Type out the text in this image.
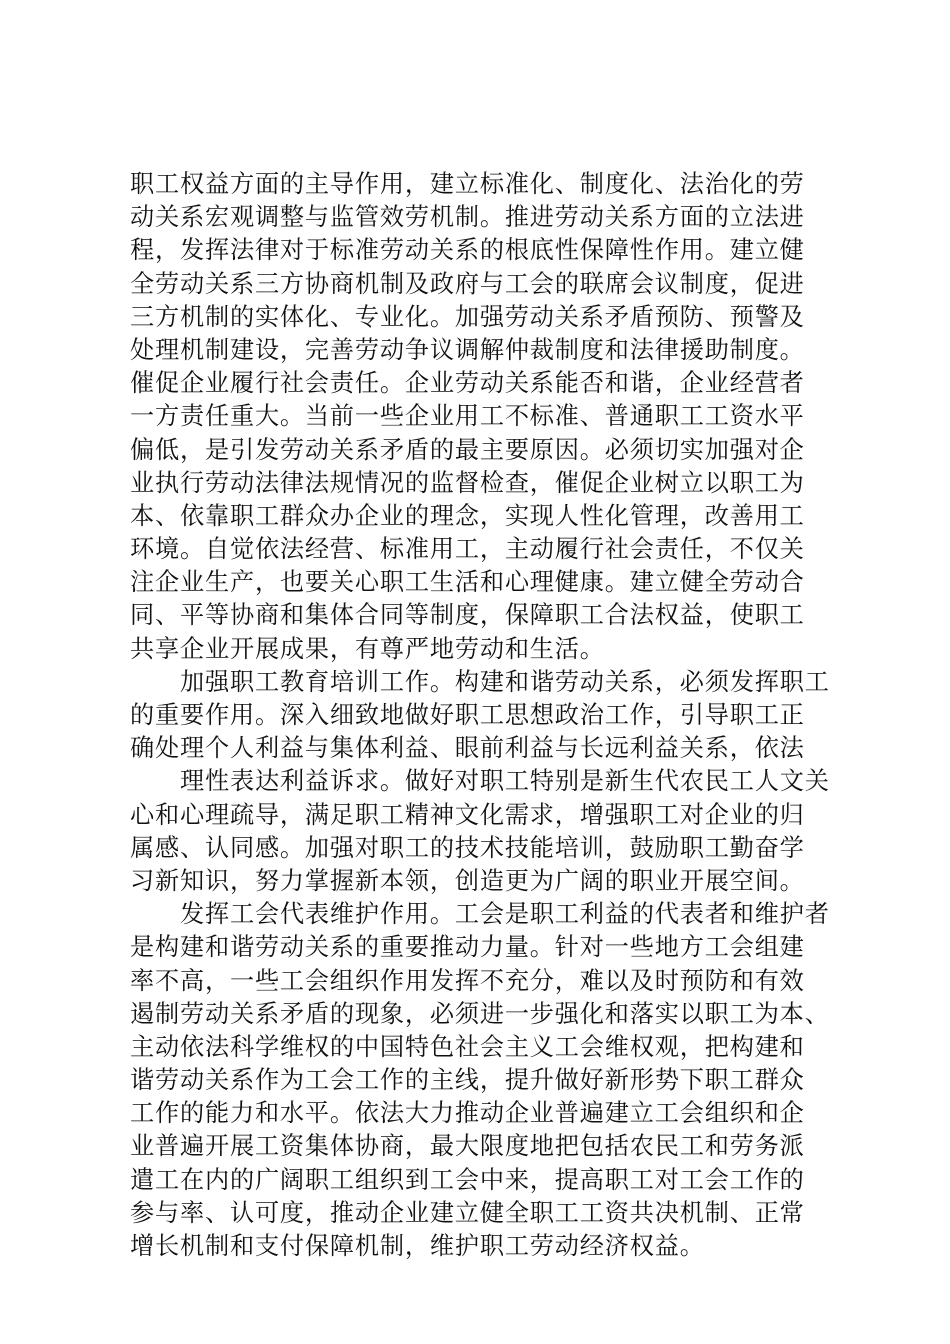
职工权益方面的主导作用，建立标准化、制度化、法治化的劳
动关系宏观调整与监管效劳机制。推进劳动关系方面的立法进
程，发挥法律对于标准劳动关系的根底性保障性作用。建立健
全劳动关系三方协商机制及政府与工会的联席会议制度，促进
三方机制的实体化、专业化。加强劳动关系矛盾预防、预警及
处理机制建设，完善劳动争议调解仲裁制度和法律援助制度。
催促企业履行社会责任。企业劳动关系能否和谐，企业经营者
一方责任重大。当前一些企业用工不标准、普通职工工资水平
偏低，是引发劳动关系矛盾的最主要原因。必须切实加强对企
业执行劳动法律法规情况的监督检查，催促企业树立以职工为
本、依靠职工群众办企业的理念，实现人性化管理，改善用工
环境。自觉依法经营、标准用工，主动履行社会责任，不仅关
注企业生产，也要关心职工生活和心理健康。建立健全劳动合
同、平等协商和集体合同等制度，保障职工合法权益，使职工
共享企业开展成果，有尊严地劳动和生活。
加强职工教育培训工作。构建和谐劳动关系，必须发挥职工
的重要作用。深入细致地做好职工思想政治工作，引导职工正
确处理个人利益与集体利益、眼前利益与长远利益关系，依法
理性表达利益诉求。做好对职工特别是新生代农民工人文关
心和心理疏导，满足职工精神文化需求，增强职工对企业的归
属感、认同感。加强对职工的技术技能培训，鼓励职工勤奋学
习新知识，努力掌握新本领，创造更为广阔的职业开展空间。
发挥工会代表维护作用。工会是职工利益的代表者和维护者
是构建和谐劳动关系的重要推动力量。针对一些地方工会组建
率不高，一些工会组织作用发挥不充分，难以及时预防和有效
遏制劳动关系矛盾的现象，必须进一步强化和落实以职工为本、
主动依法科学维权的中国特色社会主义工会维权观，把构建和
谐劳动关系作为工会工作的主线，提升做好新形势下职工群众
工作的能力和水平。依法大力推动企业普遍建立工会组织和企
业普遍开展工资集体协商，最大限度地把包括农民工和劳务派
遣工在内的广阔职工组织到工会中来，提高职工对工会工作的
参与率、认可度，推动企业建立健全职工工资共决机制、正常
增长机制和支付保障机制，维护职工劳动经济权益。
